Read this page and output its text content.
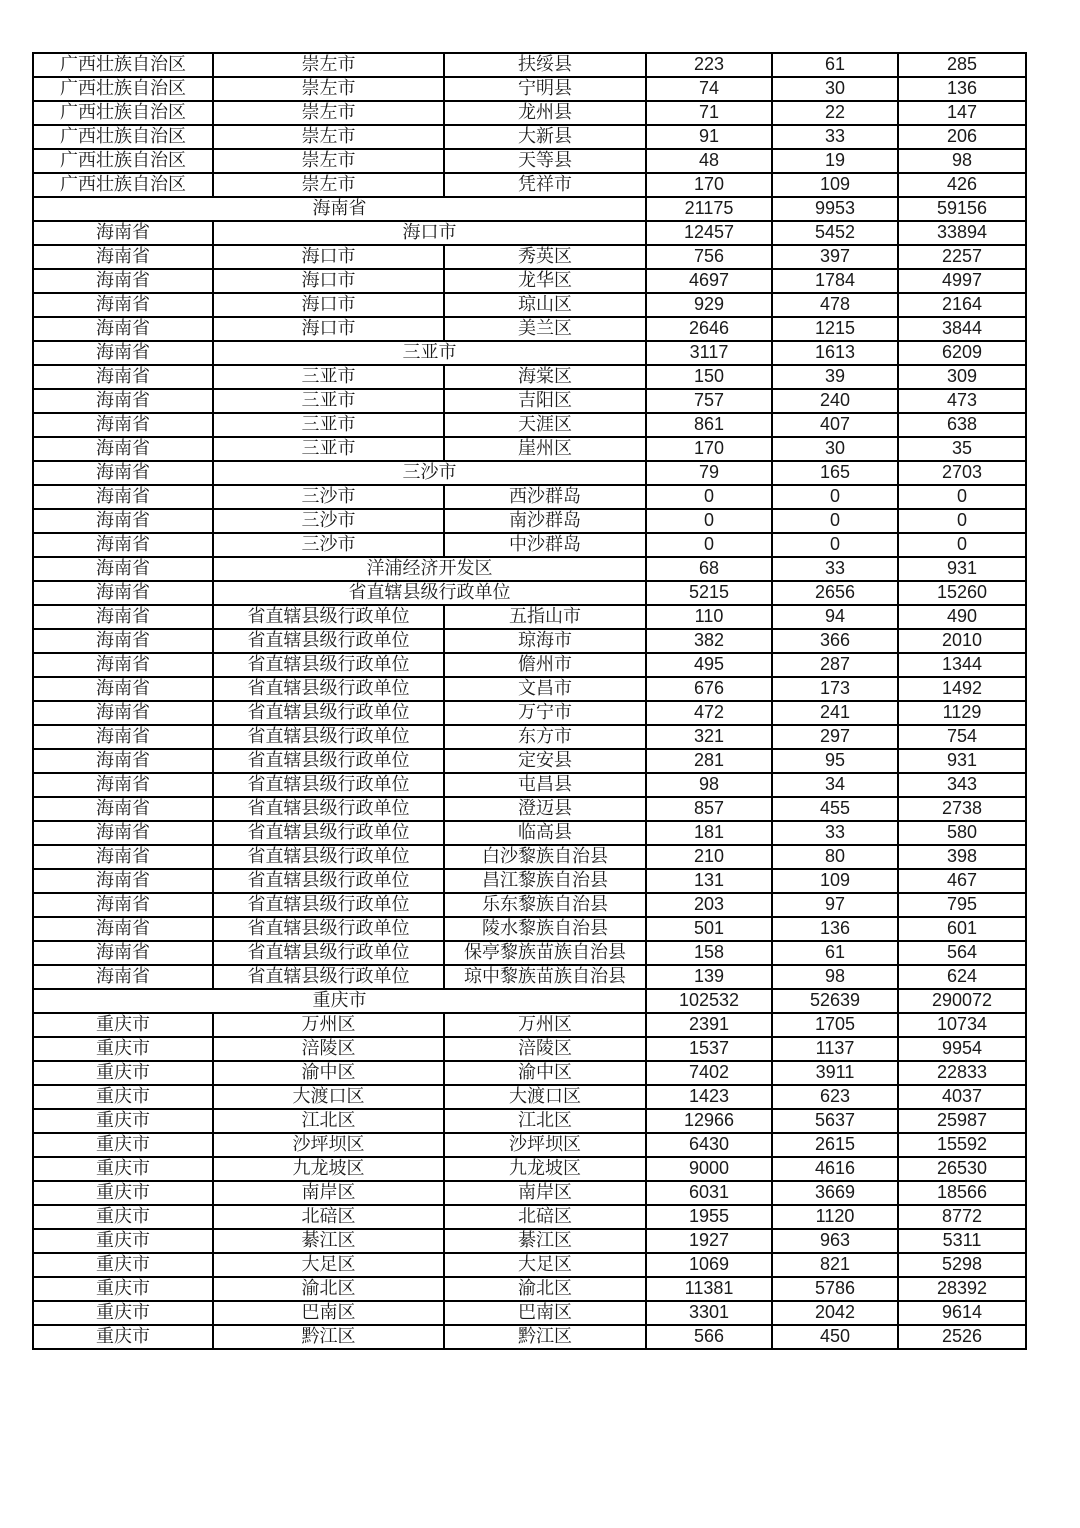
广西壮族自治区	崇左市	扶绥县	223	61	285
广西壮族自治区	崇左市	宁明县	74	30	136
广西壮族自治区	崇左市	龙州县	71	22	147
广西壮族自治区	崇左市	大新县	91	33	206
广西壮族自治区	崇左市	天等县	48	19	98
广西壮族自治区	崇左市	凭祥市	170	109	426
海南省			21175	9953	59156
海南省	海口市		12457	5452	33894
海南省	海口市	秀英区	756	397	2257
海南省	海口市	龙华区	4697	1784	4997
海南省	海口市	琼山区	929	478	2164
海南省	海口市	美兰区	2646	1215	3844
海南省	三亚市		3117	1613	6209
海南省	三亚市	海棠区	150	39	309
海南省	三亚市	吉阳区	757	240	473
海南省	三亚市	天涯区	861	407	638
海南省	三亚市	崖州区	170	30	35
海南省	三沙市		79	165	2703
海南省	三沙市	西沙群岛	0	0	0
海南省	三沙市	南沙群岛	0	0	0
海南省	三沙市	中沙群岛	0	0	0
海南省	洋浦经济开发区		68	33	931
海南省	省直辖县级行政单位		5215	2656	15260
海南省	省直辖县级行政单位	五指山市	110	94	490
海南省	省直辖县级行政单位	琼海市	382	366	2010
海南省	省直辖县级行政单位	儋州市	495	287	1344
海南省	省直辖县级行政单位	文昌市	676	173	1492
海南省	省直辖县级行政单位	万宁市	472	241	1129
海南省	省直辖县级行政单位	东方市	321	297	754
海南省	省直辖县级行政单位	定安县	281	95	931
海南省	省直辖县级行政单位	屯昌县	98	34	343
海南省	省直辖县级行政单位	澄迈县	857	455	2738
海南省	省直辖县级行政单位	临高县	181	33	580
海南省	省直辖县级行政单位	白沙黎族自治县	210	80	398
海南省	省直辖县级行政单位	昌江黎族自治县	131	109	467
海南省	省直辖县级行政单位	乐东黎族自治县	203	97	795
海南省	省直辖县级行政单位	陵水黎族自治县	501	136	601
海南省	省直辖县级行政单位	保亭黎族苗族自治县	158	61	564
海南省	省直辖县级行政单位	琼中黎族苗族自治县	139	98	624
重庆市			102532	52639	290072
重庆市	万州区	万州区	2391	1705	10734
重庆市	涪陵区	涪陵区	1537	1137	9954
重庆市	渝中区	渝中区	7402	3911	22833
重庆市	大渡口区	大渡口区	1423	623	4037
重庆市	江北区	江北区	12966	5637	25987
重庆市	沙坪坝区	沙坪坝区	6430	2615	15592
重庆市	九龙坡区	九龙坡区	9000	4616	26530
重庆市	南岸区	南岸区	6031	3669	18566
重庆市	北碚区	北碚区	1955	1120	8772
重庆市	綦江区	綦江区	1927	963	5311
重庆市	大足区	大足区	1069	821	5298
重庆市	渝北区	渝北区	11381	5786	28392
重庆市	巴南区	巴南区	3301	2042	9614
重庆市	黔江区	黔江区	566	450	2526
